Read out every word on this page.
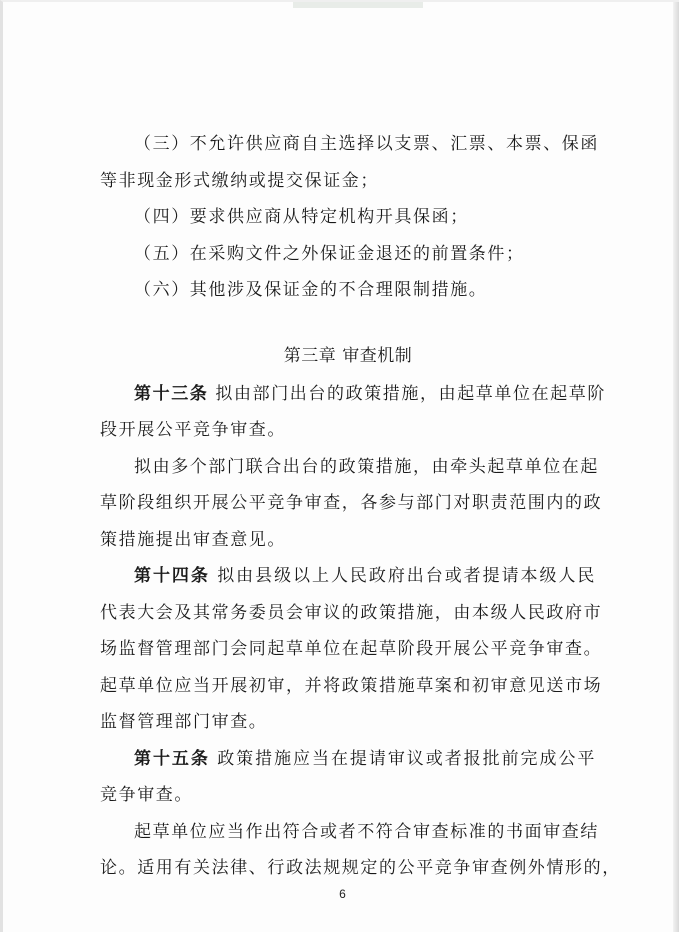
（三）不允许供应商自主选择以支票、汇票、本票、保函
等非现金形式缴纳或提交保证金；
（四）要求供应商从特定机构开具保函；
（五）在采购文件之外保证金退还的前置条件；
（六）其他涉及保证金的不合理限制措施。
第三章 审查机制
第十三条 拟由部门出台的政策措施，由起草单位在起草阶
段开展公平竞争审查。
拟由多个部门联合出台的政策措施，由牵头起草单位在起
草阶段组织开展公平竞争审查，各参与部门对职责范围内的政
策措施提出审查意见。
第十四条 拟由县级以上人民政府出台或者提请本级人民
代表大会及其常务委员会审议的政策措施，由本级人民政府市
场监督管理部门会同起草单位在起草阶段开展公平竞争审查。
起草单位应当开展初审，并将政策措施草案和初审意见送市场
监督管理部门审查。
第十五条 政策措施应当在提请审议或者报批前完成公平
竞争审查。
起草单位应当作出符合或者不符合审查标准的书面审查结
论。适用有关法律、行政法规规定的公平竞争审查例外情形的，
6
